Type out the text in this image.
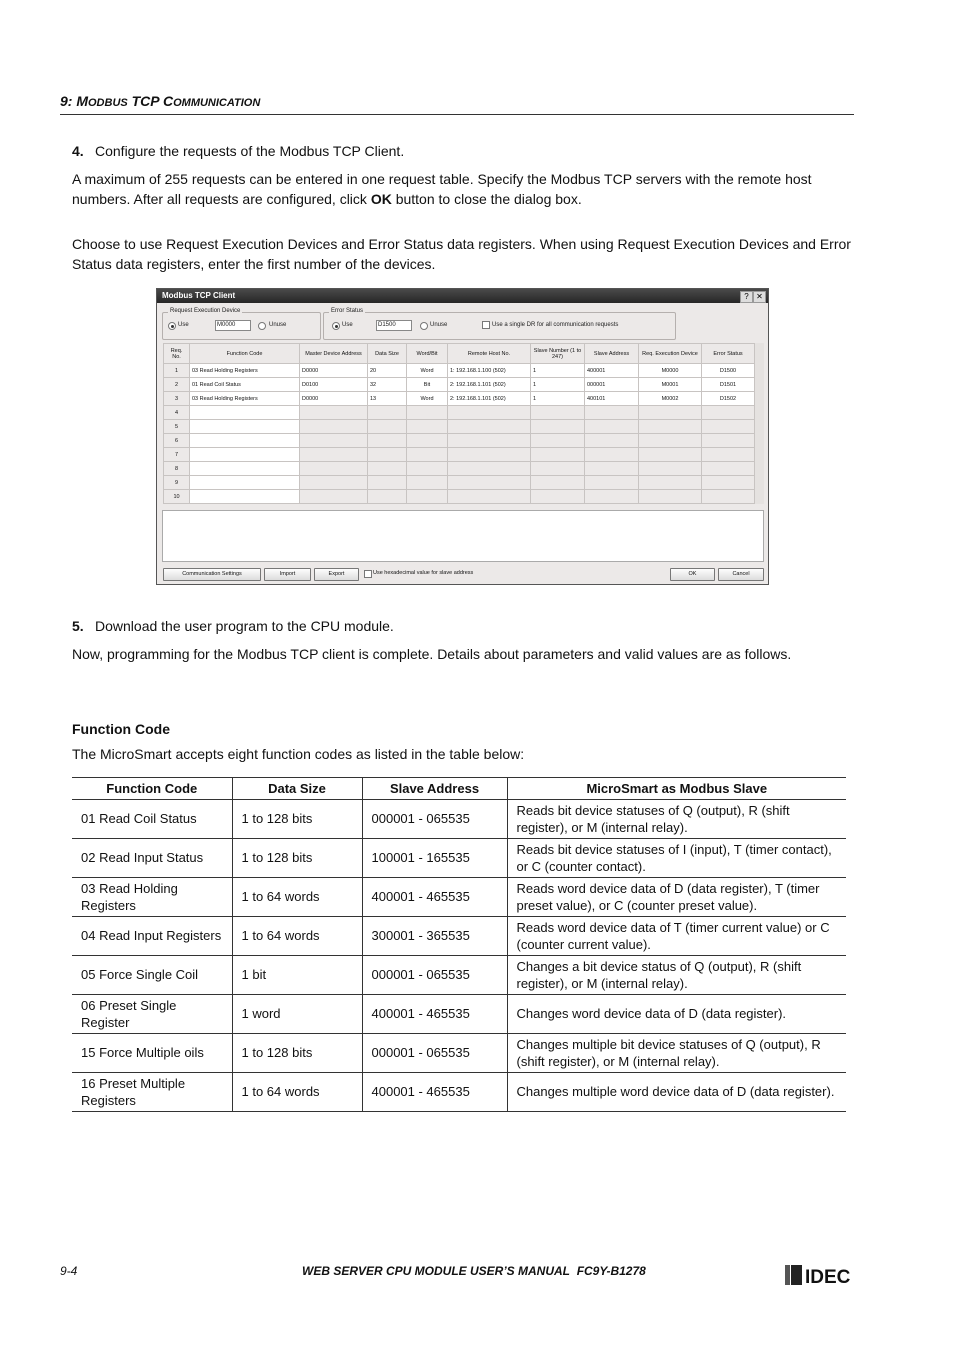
9: MODBUS TCP COMMUNICATION
4. Configure the requests of the Modbus TCP Client.
A maximum of 255 requests can be entered in one request table. Specify the Modbus TCP servers with the remote host numbers. After all requests are configured, click OK button to close the dialog box.
Choose to use Request Execution Devices and Error Status data registers. When using Request Execution Devices and Error Status data registers, enter the first number of the devices.
Modbus TCP Client	? ✕
Request Execution Device
Use	M0000	Unuse
Error Status
Use	D1500	Unuse	Use a single DR for all communication requests
Req. No.	Function Code	Master Device Address	Data Size	Word/Bit	Remote Host No.	Slave Number (1 to 247)	Slave Address	Req. Execution Device	Error Status
1	03 Read Holding Registers	D0000	20	Word	1: 192.168.1.100 (502)	1	400001	M0000	D1500
2	01 Read Coil Status	D0100	32	Bit	2: 192.168.1.101 (502)	1	000001	M0001	D1501
3	03 Read Holding Registers	D0000	13	Word	2: 192.168.1.101 (502)	1	400101	M0002	D1502
4									
5									
6									
7									
8									
9									
10									
Communication Settings	Import	Export	Use hexadecimal value for slave address	OK	Cancel
5. Download the user program to the CPU module.
Now, programming for the Modbus TCP client is complete. Details about parameters and valid values are as follows.
Function Code
The MicroSmart accepts eight function codes as listed in the table below:
Function Code	Data Size	Slave Address	MicroSmart as Modbus Slave
01 Read Coil Status	1 to 128 bits	000001 - 065535	Reads bit device statuses of Q (output), R (shift register), or M (internal relay).
02 Read Input Status	1 to 128 bits	100001 - 165535	Reads bit device statuses of I (input), T (timer contact), or C (counter contact).
03 Read Holding Registers	1 to 64 words	400001 - 465535	Reads word device data of D (data register), T (timer preset value), or C (counter preset value).
04 Read Input Registers	1 to 64 words	300001 - 365535	Reads word device data of T (timer current value) or C (counter current value).
05 Force Single Coil	1 bit	000001 - 065535	Changes a bit device status of Q (output), R (shift register), or M (internal relay).
06 Preset Single Register	1 word	400001 - 465535	Changes word device data of D (data register).
15 Force Multiple oils	1 to 128 bits	000001 - 065535	Changes multiple bit device statuses of Q (output), R (shift register), or M (internal relay).
16 Preset Multiple Registers	1 to 64 words	400001 - 465535	Changes multiple word device data of D (data register).
9-4	WEB SERVER CPU MODULE USER’S MANUAL FC9Y-B1278	IDEC
